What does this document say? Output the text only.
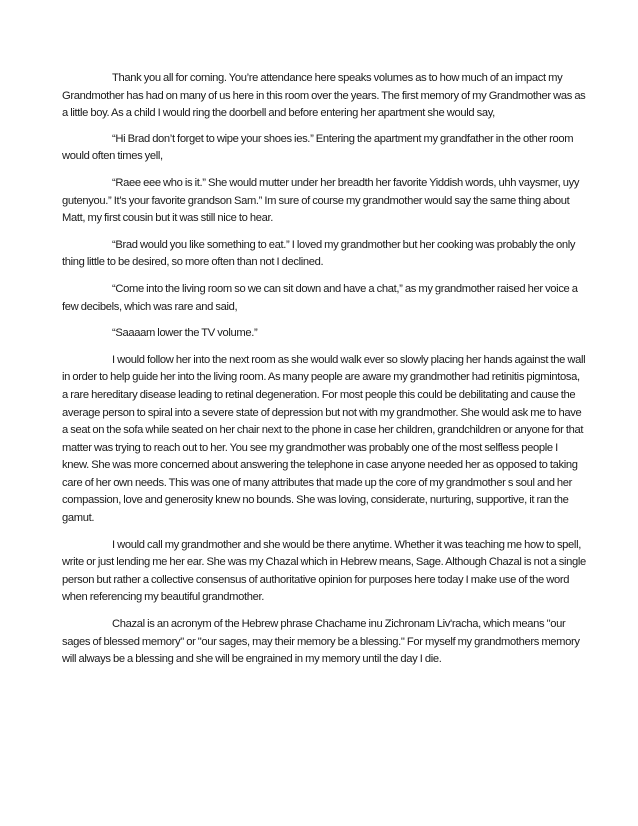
Thank you all for coming. You’re attendance here speaks volumes as to how much of an impact my Grandmother has had on many of us here in this room over the years. The first memory of my Grandmother was as a little boy. As a child I would ring the doorbell and before entering her apartment she would say,

“Hi Brad don’t forget to wipe your shoes ies.” Entering the apartment my grandfather in the other room would often times yell,

“Raee eee who is it.” She would mutter under her breadth her favorite Yiddish words, uhh vaysmer, uyy gutenyou.” It’s your favorite grandson Sam.” Im sure of course my grandmother would say the same thing about Matt, my first cousin but it was still nice to hear.

“Brad would you like something to eat.” I loved my grandmother but her cooking was probably the only thing little to be desired, so more often than not I declined.

“Come into the living room so we can sit down and have a chat,” as my grandmother raised her voice a few decibels, which was rare and said,

“Saaaam lower the TV volume.”

I would follow her into the next room as she would walk ever so slowly placing her hands against the wall in order to help guide her into the living room. As many people are aware my grandmother had retinitis pigmintosa, a rare hereditary disease leading to retinal degeneration. For most people this could be debilitating and cause the average person to spiral into a severe state of depression but not with my grandmother. She would ask me to have a seat on the sofa while seated on her chair next to the phone in case her children, grandchildren or anyone for that matter was trying to reach out to her. You see my grandmother was probably one of the most selfless people I knew. She was more concerned about answering the telephone in case anyone needed her as opposed to taking care of her own needs. This was one of many attributes that made up the core of my grandmother s soul and her compassion, love and generosity knew no bounds. She was loving, considerate, nurturing, supportive, it ran the gamut.

I would call my grandmother and she would be there anytime. Whether it was teaching me how to spell, write or just lending me her ear. She was my Chazal which in Hebrew means, Sage. Although Chazal is not a single person but rather a collective consensus of authoritative opinion for purposes here today I make use of the word when referencing my beautiful grandmother.

Chazal is an acronym of the Hebrew phrase Chachame inu Zichronam Liv'racha, which means "our sages of blessed memory" or "our sages, may their memory be a blessing." For myself my grandmothers memory will always be a blessing and she will be engrained in my memory until the day I die.
